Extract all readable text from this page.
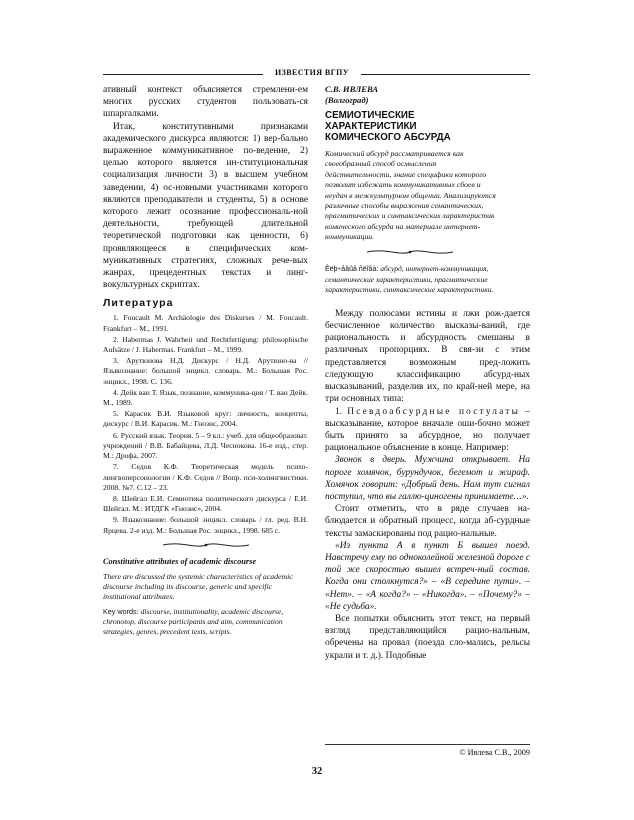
ИЗВЕСТИЯ ВГПУ

ативный контекст объясняется стремлени-ем многих русских студентов пользовать-ся шпаргалками.

Итак, конститутивными признаками академического дискурса являются: 1) вер-бально выраженное коммуникативное по-ведение, 2) целью которого является ин-ституциональная социализация личности 3) в высшем учебном заведении, 4) ос-новными участниками которого являются преподаватели и студенты, 5) в основе которого лежит осознание профессиональ-ной деятельности, требующей длительной теоретической подготовки как ценности, 6) проявляющееся в специфических ком-муникативных стратегиях, сложных рече-вых жанрах, прецедентных текстах и линг-вокультурных скриптах.

Литература

1. Foucault M. Archäologie des Diskurses / M. Foucault. Frankfurt – M., 1991.

2. Habermas J. Wahrheit und Rechtfertigung: philosophische Aufsätze / J. Habermas. Frankfurt – M., 1999.

3. Арутюнова Н.Д. Дискурс / Н.Д. Арутюно-ва // Языкознание: большой энцикл. словарь. М.: Большая Рос. энцикл., 1998. С. 136.

4. Дейк ван Т. Язык, познание, коммуника-ция / Т. ван Дейк. М., 1989.

5. Карасик В.И. Языковой круг: личность, концепты, дискурс / В.И. Карасик. М.: Гнозис, 2004.

6. Русский язык. Теория. 5 – 9 кл.: учеб. для общеобразоват. учреждений / В.В. Бабайцева, Л.Д. Чеснокова. 16-е изд., стер. М.: Дрофа, 2007.

7. Седов К.Ф. Теоретическая модель психо-лингвоперсонологии / К.Ф. Седов // Вопр. пси-холингвистики. 2008. №7. С.12 – 23.

8. Шейгал Е.И. Семиотика политического дискурса / Е.И. Шейгал. М.: ИТДГК «Гнозис», 2004.

9. Языкознание: большой энцикл. словарь / гл. ред. В.Н. Ярцева. 2-е изд. М.: Большая Рос. энцикл., 1998. 685 с.

Constitutive attributes of academic discourse
There are discussed the systemic characteristics of academic discourse including its discourse, generic and specific institutional attributes.
Key words: discourse, institutionality, academic discourse, chronotop, discourse participants and aim, communication strategies, genres, precedent texts, scripts.
С.В. ИВЛЕВА
(Волгоград)
СЕМИОТИЧЕСКИЕ
ХАРАКТЕРИСТИКИ
КОМИЧЕСКОГО АБСУРДА
Комический абсурд рассматривается как своеобразный способ осмысления действительности, знание специфики которого позволит избежать коммуникативных сбоев и неудач в межкультурном общении. Анализируются различные способы выражения семантических, прагматических и синтаксических характеристик комического абсурда на материале интернет-коммуникации.
Êëþ÷åâûå ñëîâà: абсурд, интернет-коммуникация, семантические характеристики, прагматические характеристики, синтаксические характеристики.

Между полюсами истины и лжи рож-дается бесчисленное количество высказы-ваний, где рациональность и абсурдность смешаны в различных пропорциях. В свя-зи с этим представляется возможным пред-ложить следующую классификацию абсурд-ных высказываний, разделив их, по край-ней мере, на три основных типа:

1. Псевдоабсурдные постулаты – высказывание, которое вначале оши-бочно может быть принято за абсурдное, но получает рациональное объяснение в конце. Например:

Звонок в дверь. Мужчина открывает. На пороге хомячок, бурундучок, бегемот и жираф. Хомячок говорит: «Добрый день. Нам тут сигнал поступил, что вы галлю-циногены принимаете…».

Стоит отметить, что в ряде случаев на-блюдается и обратный процесс, когда аб-сурдные тексты замаскированы под рацио-нальные.

«Из пункта А в пункт Б вышел поезд. Навстречу ему по одноколейной железной дороге с той же скоростью вышел встреч-ный состав. Когда они столкнутся?» – «В середине пути». – «Нет». – «А когда?» – «Никогда». – «Почему?» – «Не судьба».

Все попытки объяснить этот текст, на первый взгляд представляющийся рацио-нальным, обречены на провал (поезда сло-мались, рельсы украли и т. д.). Подобные

© Ивлева С.В., 2009
32
